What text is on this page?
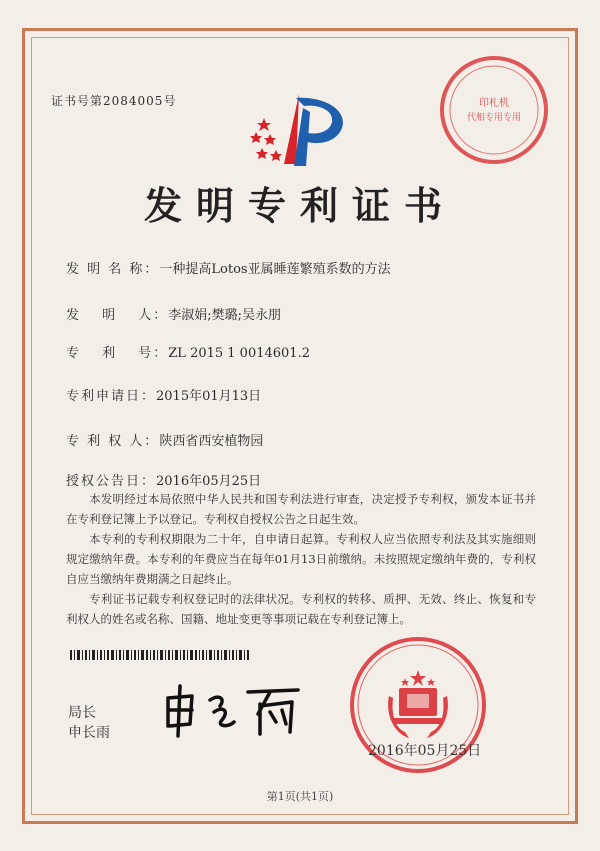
证书号第2084005号	印札机
代相专用专用
发明专利证书
发 明 名 称：一种提高Lotos亚属睡莲繁殖系数的方法
发　 明　 人：李淑娟;樊璐;吴永朋
专　 利　 号：ZL 2015 1 0014601.2
专利申请日：2015年01月13日
专 利 权 人：陕西省西安植物园
授权公告日：2016年05月25日

本发明经过本局依照中华人民共和国专利法进行审查，决定授予专利权，颁发本证书并在专利登记簿上予以登记。专利权自授权公告之日起生效。

本专利的专利权期限为二十年，自申请日起算。专利权人应当依照专利法及其实施细则规定缴纳年费。本专利的年费应当在每年01月13日前缴纳。未按照规定缴纳年费的，专利权自应当缴纳年费期满之日起终止。

专利证书记载专利权登记时的法律状况。专利权的转移、质押、无效、终止、恢复和专利权人的姓名或名称、国籍、地址变更等事项记载在专利登记簿上。

局长
申长雨
2016年05月25日
第1页(共1页)
